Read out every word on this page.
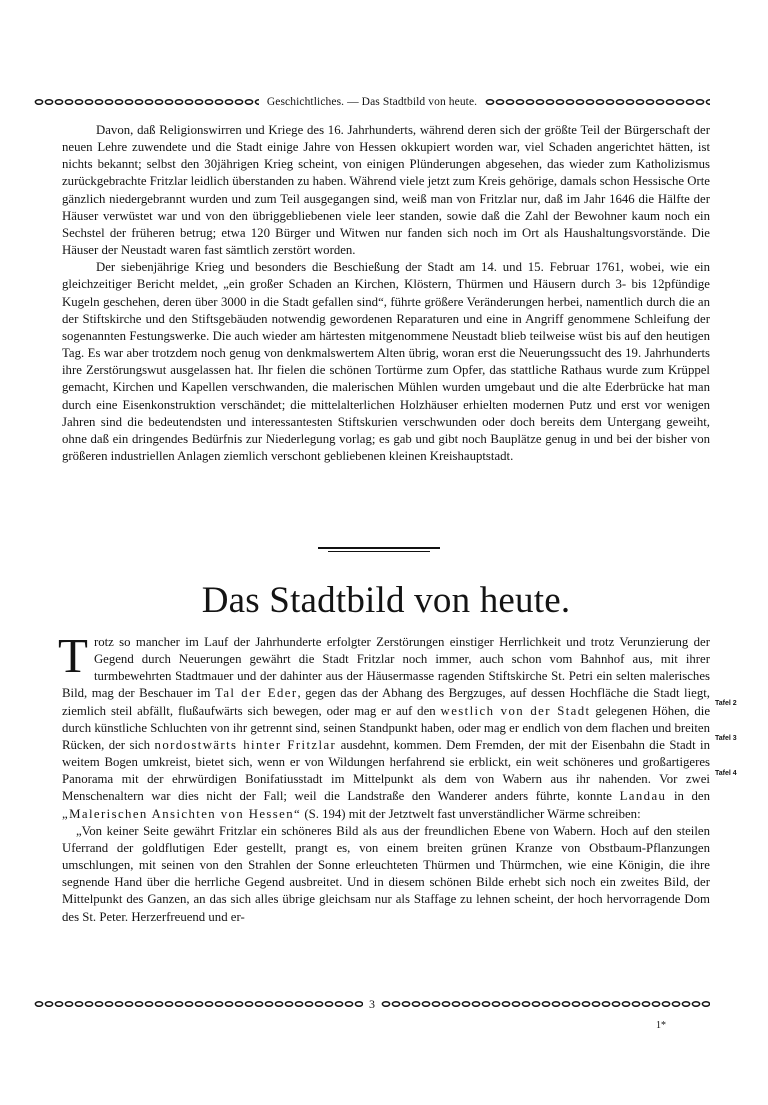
Geschichtliches. — Das Stadtbild von heute.

Davon, daß Religionswirren und Kriege des 16. Jahrhunderts, während deren sich der größte Teil der Bürgerschaft der neuen Lehre zuwendete und die Stadt einige Jahre von Hessen okkupiert worden war, viel Schaden angerichtet hätten, ist nichts bekannt; selbst den 30jährigen Krieg scheint, von einigen Plünderungen abgesehen, das wieder zum Katholizismus zurückgebrachte Fritzlar leidlich überstanden zu haben. Während viele jetzt zum Kreis gehörige, damals schon Hessische Orte gänzlich niedergebrannt wurden und zum Teil ausgegangen sind, weiß man von Fritzlar nur, daß im Jahr 1646 die Hälfte der Häuser verwüstet war und von den übriggebliebenen viele leer standen, sowie daß die Zahl der Bewohner kaum noch ein Sechstel der früheren betrug; etwa 120 Bürger und Witwen nur fanden sich noch im Ort als Haushaltungsvorstände. Die Häuser der Neustadt waren fast sämtlich zerstört worden.

Der siebenjährige Krieg und besonders die Beschießung der Stadt am 14. und 15. Februar 1761, wobei, wie ein gleichzeitiger Bericht meldet, „ein großer Schaden an Kirchen, Klöstern, Thürmen und Häusern durch 3- bis 12pfündige Kugeln geschehen, deren über 3000 in die Stadt gefallen sind“, führte größere Veränderungen herbei, namentlich durch die an der Stiftskirche und den Stiftsgebäuden notwendig gewordenen Reparaturen und eine in Angriff genommene Schleifung der sogenannten Festungswerke. Die auch wieder am härtesten mitgenommene Neustadt blieb teilweise wüst bis auf den heutigen Tag. Es war aber trotzdem noch genug von denkmalswertem Alten übrig, woran erst die Neuerungssucht des 19. Jahrhunderts ihre Zerstörungswut ausgelassen hat. Ihr fielen die schönen Tortürme zum Opfer, das stattliche Rathaus wurde zum Krüppel gemacht, Kirchen und Kapellen verschwanden, die malerischen Mühlen wurden umgebaut und die alte Ederbrücke hat man durch eine Eisenkonstruktion verschändet; die mittelalterlichen Holzhäuser erhielten modernen Putz und erst vor wenigen Jahren sind die bedeutendsten und interessantesten Stiftskurien verschwunden oder doch bereits dem Untergang geweiht, ohne daß ein dringendes Bedürfnis zur Niederlegung vorlag; es gab und gibt noch Bauplätze genug in und bei der bisher von größeren industriellen Anlagen ziemlich verschont gebliebenen kleinen Kreishauptstadt.

Das Stadtbild von heute.

Trotz so mancher im Lauf der Jahrhunderte erfolgter Zerstörungen einstiger Herrlichkeit und trotz Verunzierung der Gegend durch Neuerungen gewährt die Stadt Fritzlar noch immer, auch schon vom Bahnhof aus, mit ihrer turmbewehrten Stadtmauer und der dahinter aus der Häusermasse ragenden Stiftskirche St. Petri ein selten malerisches Bild, mag der Beschauer im Tal der Eder, gegen das der Abhang des Bergzuges, auf dessen Hochfläche die Stadt liegt, ziemlich steil abfällt, flußaufwärts sich bewegen, oder mag er auf den westlich von der Stadt gelegenen Höhen, die durch künstliche Schluchten von ihr getrennt sind, seinen Standpunkt haben, oder mag er endlich von dem flachen und breiten Rücken, der sich nordostwärts hinter Fritzlar ausdehnt, kommen. Dem Fremden, der mit der Eisenbahn die Stadt in weitem Bogen umkreist, bietet sich, wenn er von Wildungen herfahrend sie erblickt, ein weit schöneres und großartigeres Panorama mit der ehrwürdigen Bonifatiusstadt im Mittelpunkt als dem von Wabern aus ihr nahenden. Vor zwei Menschenaltern war dies nicht der Fall; weil die Landstraße den Wanderer anders führte, konnte Landau in den „Malerischen Ansichten von Hessen“ (S. 194) mit der Jetztwelt fast unverständlicher Wärme schreiben:

„Von keiner Seite gewährt Fritzlar ein schöneres Bild als aus der freundlichen Ebene von Wabern. Hoch auf den steilen Uferrand der goldflutigen Eder gestellt, prangt es, von einem breiten grünen Kranze von Obstbaum-Pflanzungen umschlungen, mit seinen von den Strahlen der Sonne erleuchteten Thürmen und Thürmchen, wie eine Königin, die ihre segnende Hand über die herrliche Gegend ausbreitet. Und in diesem schönen Bilde erhebt sich noch ein zweites Bild, der Mittelpunkt des Ganzen, an das sich alles übrige gleichsam nur als Staffage zu lehnen scheint, der hoch hervorragende Dom des St. Peter. Herzerfreuend und er-

Tafel 2
Tafel 3
Tafel 4
3
1*
